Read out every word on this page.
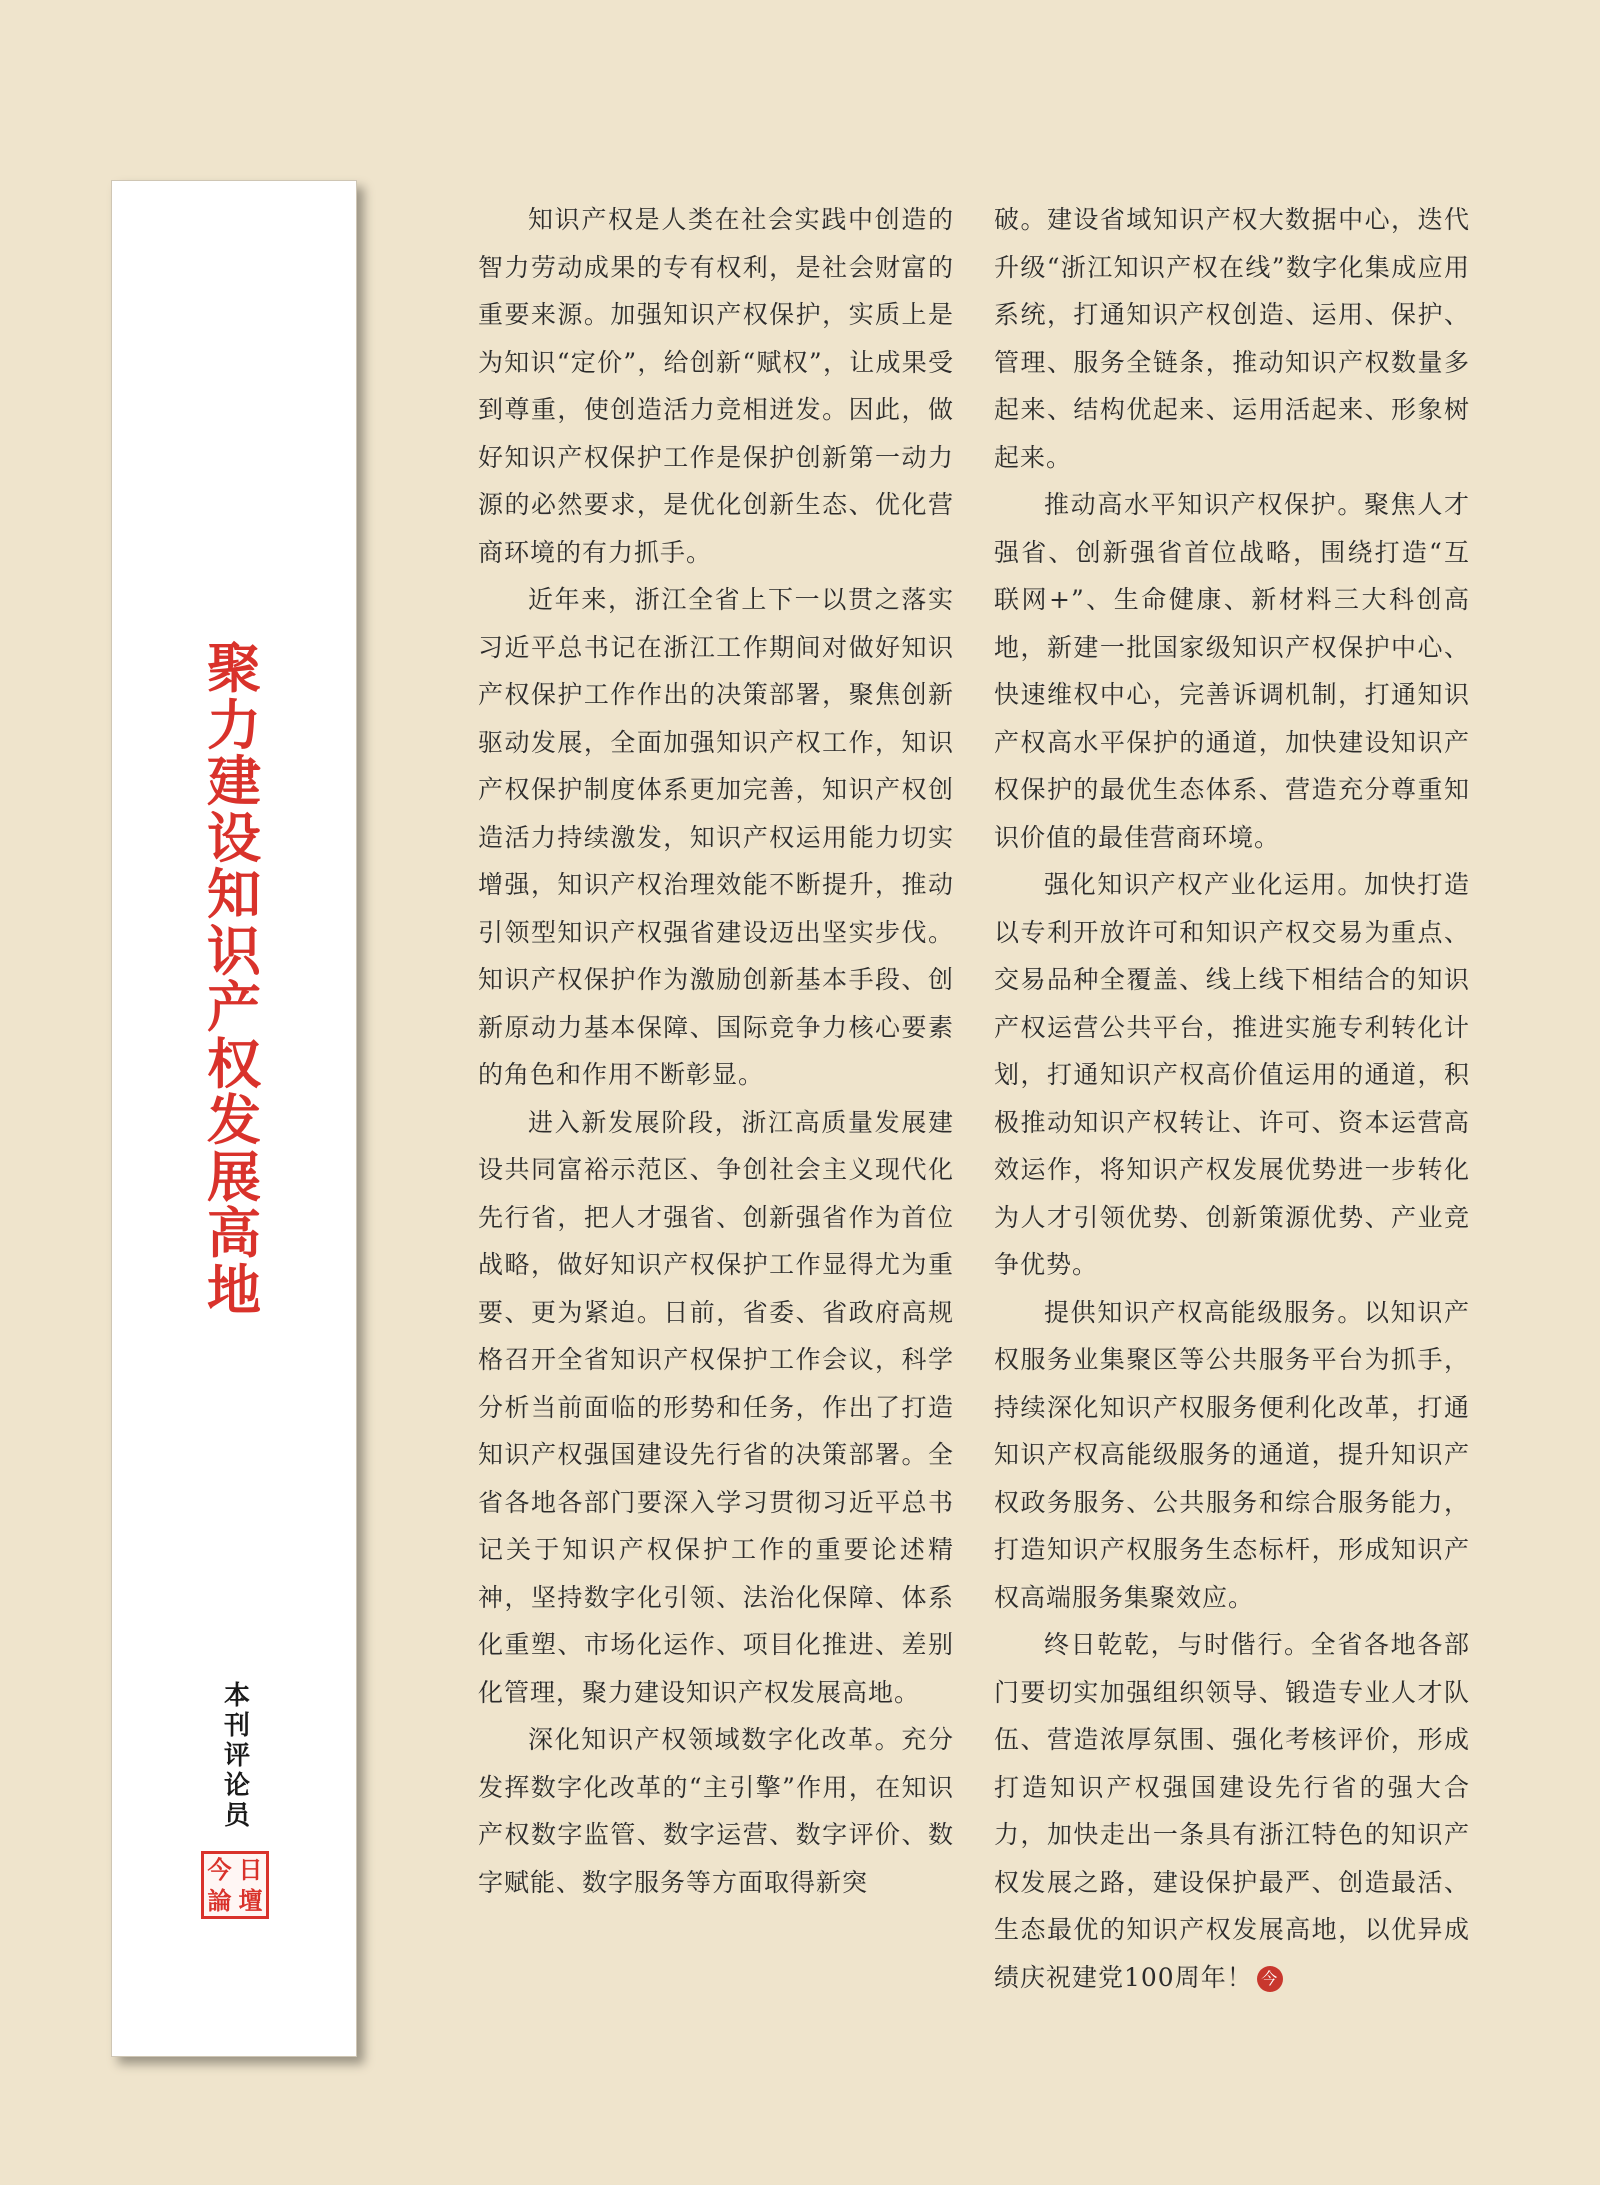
聚
力
建
设
知
识
产
权
发
展
高
地
本
刊
评
论
员
今 日
論 壇

知识产权是人类在社会实践中创造的智力劳动成果的专有权利，是社会财富的重要来源。加强知识产权保护，实质上是为知识“定价”，给创新“赋权”，让成果受到尊重，使创造活力竞相迸发。因此，做好知识产权保护工作是保护创新第一动力源的必然要求，是优化创新生态、优化营商环境的有力抓手。

近年来，浙江全省上下一以贯之落实习近平总书记在浙江工作期间对做好知识产权保护工作作出的决策部署，聚焦创新驱动发展，全面加强知识产权工作，知识产权保护制度体系更加完善，知识产权创造活力持续激发，知识产权运用能力切实增强，知识产权治理效能不断提升，推动引领型知识产权强省建设迈出坚实步伐。知识产权保护作为激励创新基本手段、创新原动力基本保障、国际竞争力核心要素的角色和作用不断彰显。

进入新发展阶段，浙江高质量发展建设共同富裕示范区、争创社会主义现代化先行省，把人才强省、创新强省作为首位战略，做好知识产权保护工作显得尤为重要、更为紧迫。日前，省委、省政府高规格召开全省知识产权保护工作会议，科学分析当前面临的形势和任务，作出了打造知识产权强国建设先行省的决策部署。全省各地各部门要深入学习贯彻习近平总书记关于知识产权保护工作的重要论述精神，坚持数字化引领、法治化保障、体系化重塑、市场化运作、项目化推进、差别化管理，聚力建设知识产权发展高地。

深化知识产权领域数字化改革。充分发挥数字化改革的“主引擎”作用，在知识产权数字监管、数字运营、数字评价、数字赋能、数字服务等方面取得新突

破。建设省域知识产权大数据中心，迭代升级“浙江知识产权在线”数字化集成应用系统，打通知识产权创造、运用、保护、管理、服务全链条，推动知识产权数量多起来、结构优起来、运用活起来、形象树起来。

推动高水平知识产权保护。聚焦人才强省、创新强省首位战略，围绕打造“互联网+”、生命健康、新材料三大科创高地，新建一批国家级知识产权保护中心、快速维权中心，完善诉调机制，打通知识产权高水平保护的通道，加快建设知识产权保护的最优生态体系、营造充分尊重知识价值的最佳营商环境。

强化知识产权产业化运用。加快打造以专利开放许可和知识产权交易为重点、交易品种全覆盖、线上线下相结合的知识产权运营公共平台，推进实施专利转化计划，打通知识产权高价值运用的通道，积极推动知识产权转让、许可、资本运营高效运作，将知识产权发展优势进一步转化为人才引领优势、创新策源优势、产业竞争优势。

提供知识产权高能级服务。以知识产权服务业集聚区等公共服务平台为抓手，持续深化知识产权服务便利化改革，打通知识产权高能级服务的通道，提升知识产权政务服务、公共服务和综合服务能力，打造知识产权服务生态标杆，形成知识产权高端服务集聚效应。

终日乾乾，与时偕行。全省各地各部门要切实加强组织领导、锻造专业人才队伍、营造浓厚氛围、强化考核评价，形成打造知识产权强国建设先行省的强大合力，加快走出一条具有浙江特色的知识产权发展之路，建设保护最严、创造最活、生态最优的知识产权发展高地，以优异成绩庆祝建党100周年！ 今
